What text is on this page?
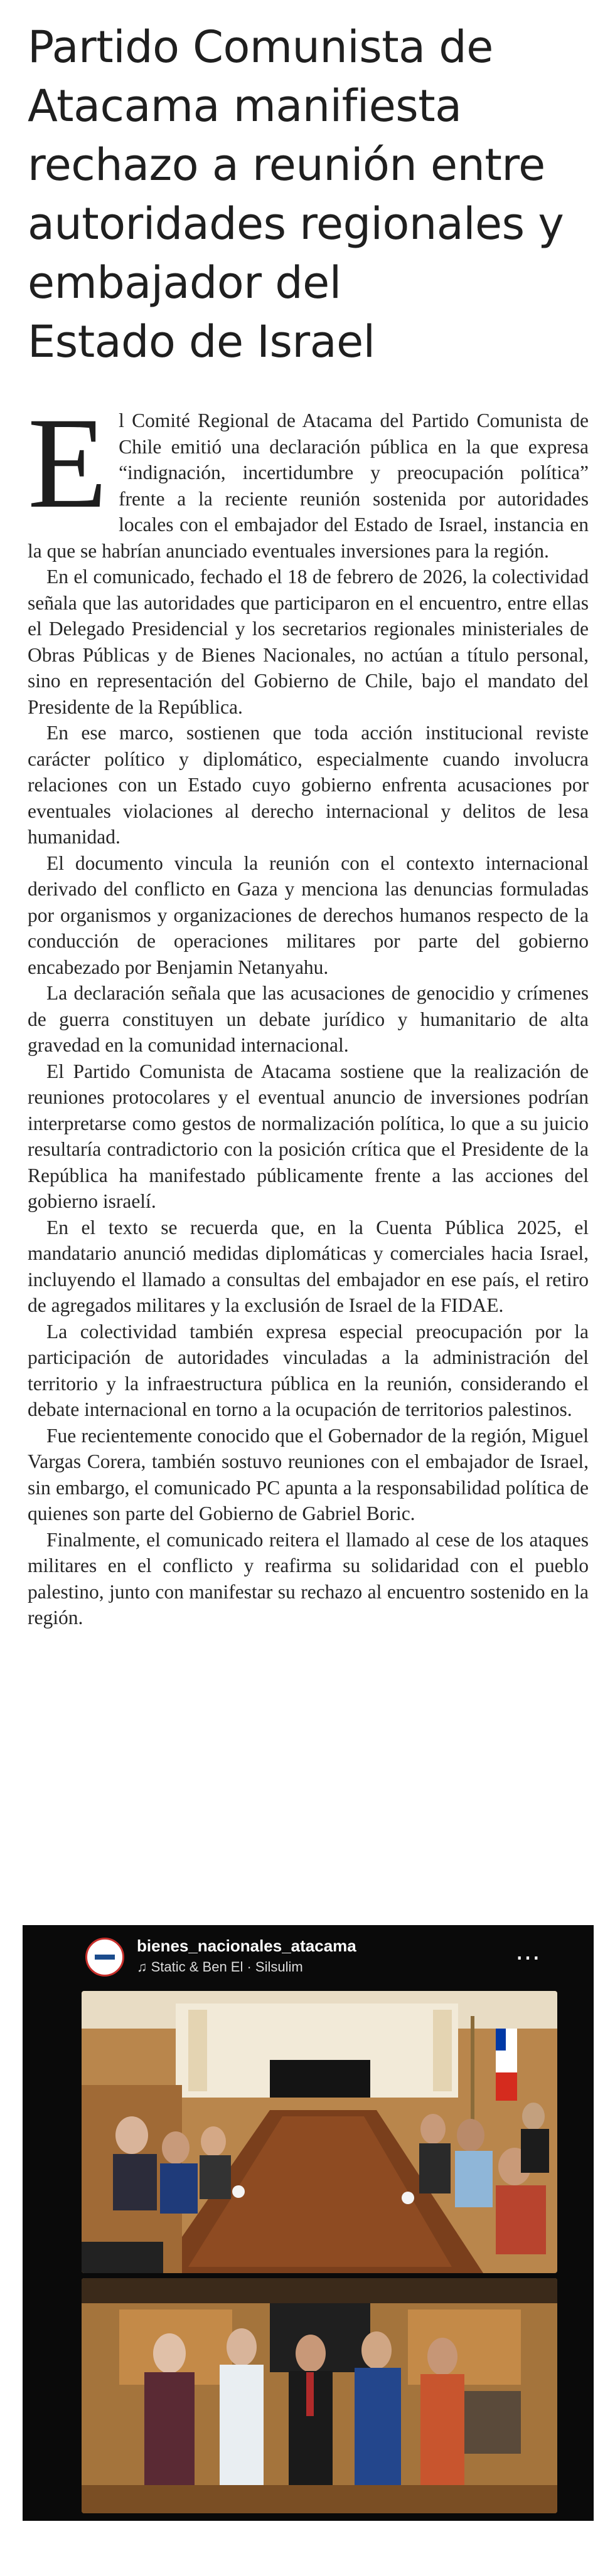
Partido Comunista de
Atacama manifiesta
rechazo a reunión entre
autoridades regionales y
embajador del
Estado de Israel

El Comité Regional de Atacama del Partido Comunista de Chile emitió una declaración pública en la que expresa “indignación, incertidumbre y preocupación política” frente a la reciente reunión sostenida por autoridades locales con el embajador del Estado de Israel, instancia en la que se habrían anunciado eventuales inversiones para la región.

En el comunicado, fechado el 18 de febrero de 2026, la colectividad señala que las autoridades que participaron en el encuentro, entre ellas el Delegado Presidencial y los secretarios regionales ministeriales de Obras Públicas y de Bienes Nacionales, no actúan a título personal, sino en representación del Gobierno de Chile, bajo el mandato del Presidente de la República.

En ese marco, sostienen que toda acción institucional reviste carácter político y diplomático, especialmente cuando involucra relaciones con un Estado cuyo gobierno enfrenta acusaciones por eventuales violaciones al derecho internacional y delitos de lesa humanidad.

El documento vincula la reunión con el contexto internacional derivado del conflicto en Gaza y menciona las denuncias formuladas por organismos y organizaciones de derechos humanos respecto de la conducción de operaciones militares por parte del gobierno encabezado por Benjamin Netanyahu.

La declaración señala que las acusaciones de genocidio y crímenes de guerra constituyen un debate jurídico y humanitario de alta gravedad en la comunidad internacional.

El Partido Comunista de Atacama sostiene que la realización de reuniones protocolares y el eventual anuncio de inversiones podrían interpretarse como gestos de normalización política, lo que a su juicio resultaría contradictorio con la posición crítica que el Presidente de la República ha manifestado públicamente frente a las acciones del gobierno israelí.

En el texto se recuerda que, en la Cuenta Pública 2025, el mandatario anunció medidas diplomáticas y comerciales hacia Israel, incluyendo el llamado a consultas del embajador en ese país, el retiro de agregados militares y la exclusión de Israel de la FIDAE.

La colectividad también expresa especial preocupación por la participación de autoridades vinculadas a la administración del territorio y la infraestructura pública en la reunión, considerando el debate internacional en torno a la ocupación de territorios palestinos.

Fue recientemente conocido que el Gobernador de la región, Miguel Vargas Corera, también sostuvo reuniones con el embajador de Israel, sin embargo, el comunicado PC apunta a la responsabilidad política de quienes son parte del Gobierno de Gabriel Boric.

Finalmente, el comunicado reitera el llamado al cese de los ataques militares en el conflicto y reafirma su solidaridad con el pueblo palestino, junto con manifestar su rechazo al encuentro sostenido en la región.

bienes_nacionales_atacama
♫ Static & Ben El · Silsulim
…
